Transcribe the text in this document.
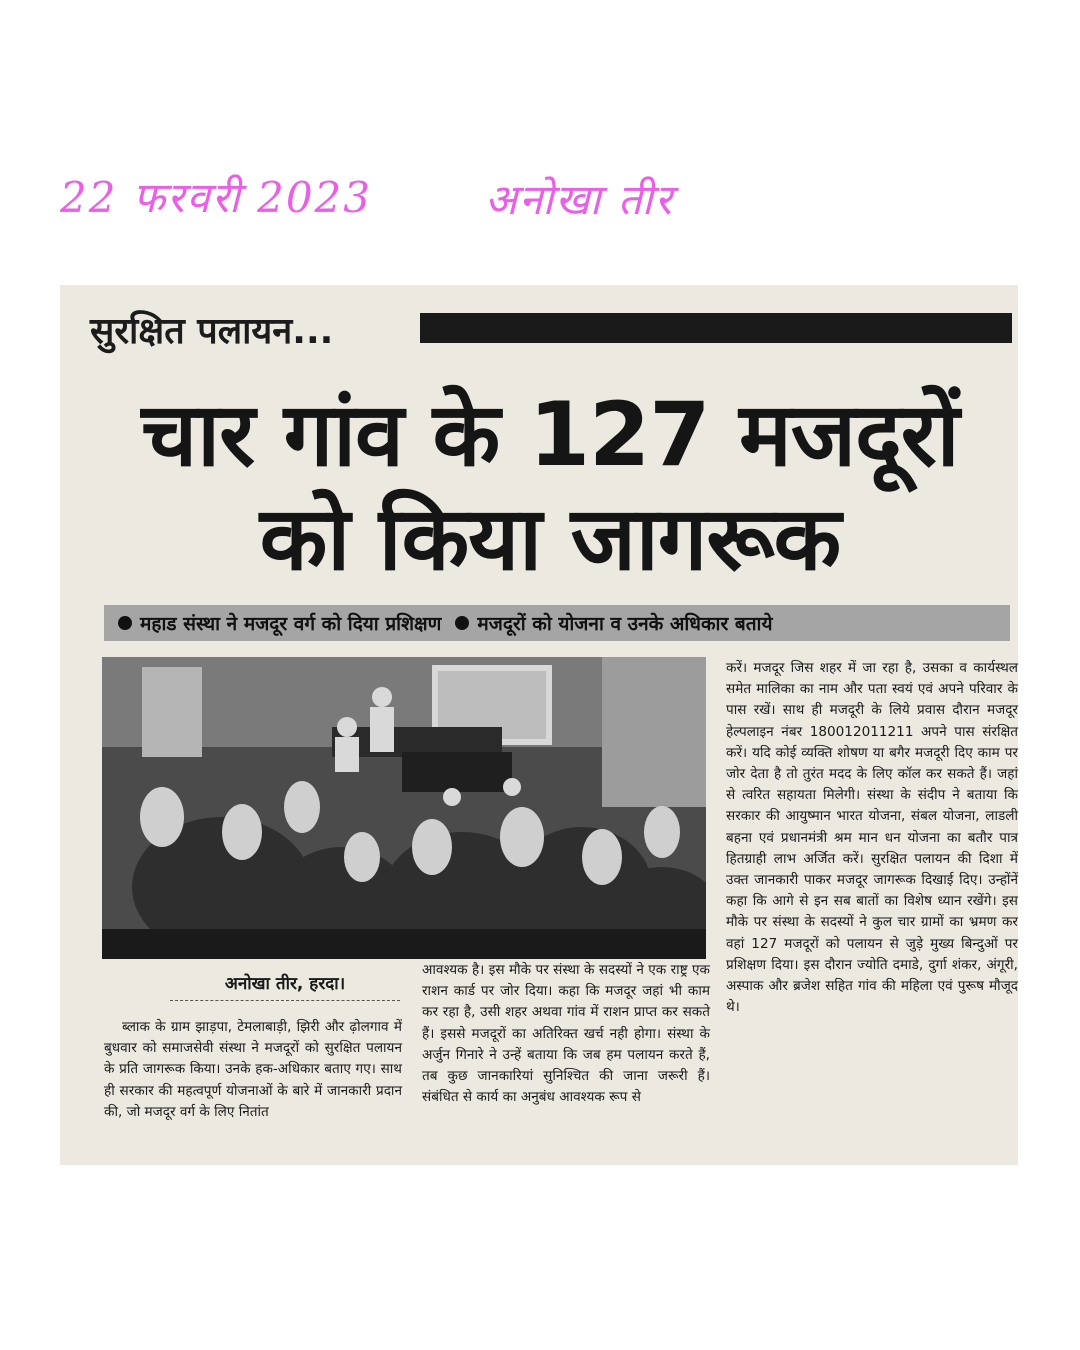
22 फरवरी 2023	अनोखा तीर
सुरक्षित पलायन...
चार गांव के 127 मजदूरों
को किया जागरूक
महाड संस्था ने मजदूर वर्ग को दिया प्रशिक्षण मजदूरों को योजना व उनके अधिकार बताये
अनोखा तीर, हरदा।
ब्लाक के ग्राम झाड़पा, टेमलाबाड़ी, झिरी और ढ़ोलगाव में बुधवार को समाजसेवी संस्था ने मजदूरों को सुरक्षित पलायन के प्रति जागरूक किया। उनके हक-अधिकार बताए गए। साथ ही सरकार की महत्वपूर्ण योजनाओं के बारे में जानकारी प्रदान की, जो मजदूर वर्ग के लिए नितांत
आवश्यक है। इस मौके पर संस्था के सदस्यों ने एक राष्ट्र एक राशन कार्ड पर जोर दिया। कहा कि मजदूर जहां भी काम कर रहा है, उसी शहर अथवा गांव में राशन प्राप्त कर सकते हैं। इससे मजदूरों का अतिरिक्त खर्च नही होगा। संस्था के अर्जुन गिनारे ने उन्हें बताया कि जब हम पलायन करते हैं, तब कुछ जानकारियां सुनिश्चित की जाना जरूरी हैं। संबंधित से कार्य का अनुबंध आवश्यक रूप से
करें। मजदूर जिस शहर में जा रहा है, उसका व कार्यस्थल समेत मालिका का नाम और पता स्वयं एवं अपने परिवार के पास रखें। साथ ही मजदूरी के लिये प्रवास दौरान मजदूर हेल्पलाइन नंबर 180012011211 अपने पास संरक्षित करें। यदि कोई व्यक्ति शोषण या बगैर मजदूरी दिए काम पर जोर देता है तो तुरंत मदद के लिए कॉल कर सकते हैं। जहां से त्वरित सहायता मिलेगी। संस्था के संदीप ने बताया कि सरकार की आयुष्मान भारत योजना, संबल योजना, लाडली बहना एवं प्रधानमंत्री श्रम मान धन योजना का बतौर पात्र हितग्राही लाभ अर्जित करें। सुरक्षित पलायन की दिशा में उक्त जानकारी पाकर मजदूर जागरूक दिखाई दिए। उन्होंनें कहा कि आगे से इन सब बातों का विशेष ध्यान रखेंगे। इस मौके पर संस्था के सदस्यों ने कुल चार ग्रामों का भ्रमण कर वहां 127 मजदूरों को पलायन से जुड़े मुख्य बिन्दुओं पर प्रशिक्षण दिया। इस दौरान ज्योति दमाडे, दुर्गा शंकर, अंगूरी, अस्पाक और ब्रजेश सहित गांव की महिला एवं पुरूष मौजूद थे।
